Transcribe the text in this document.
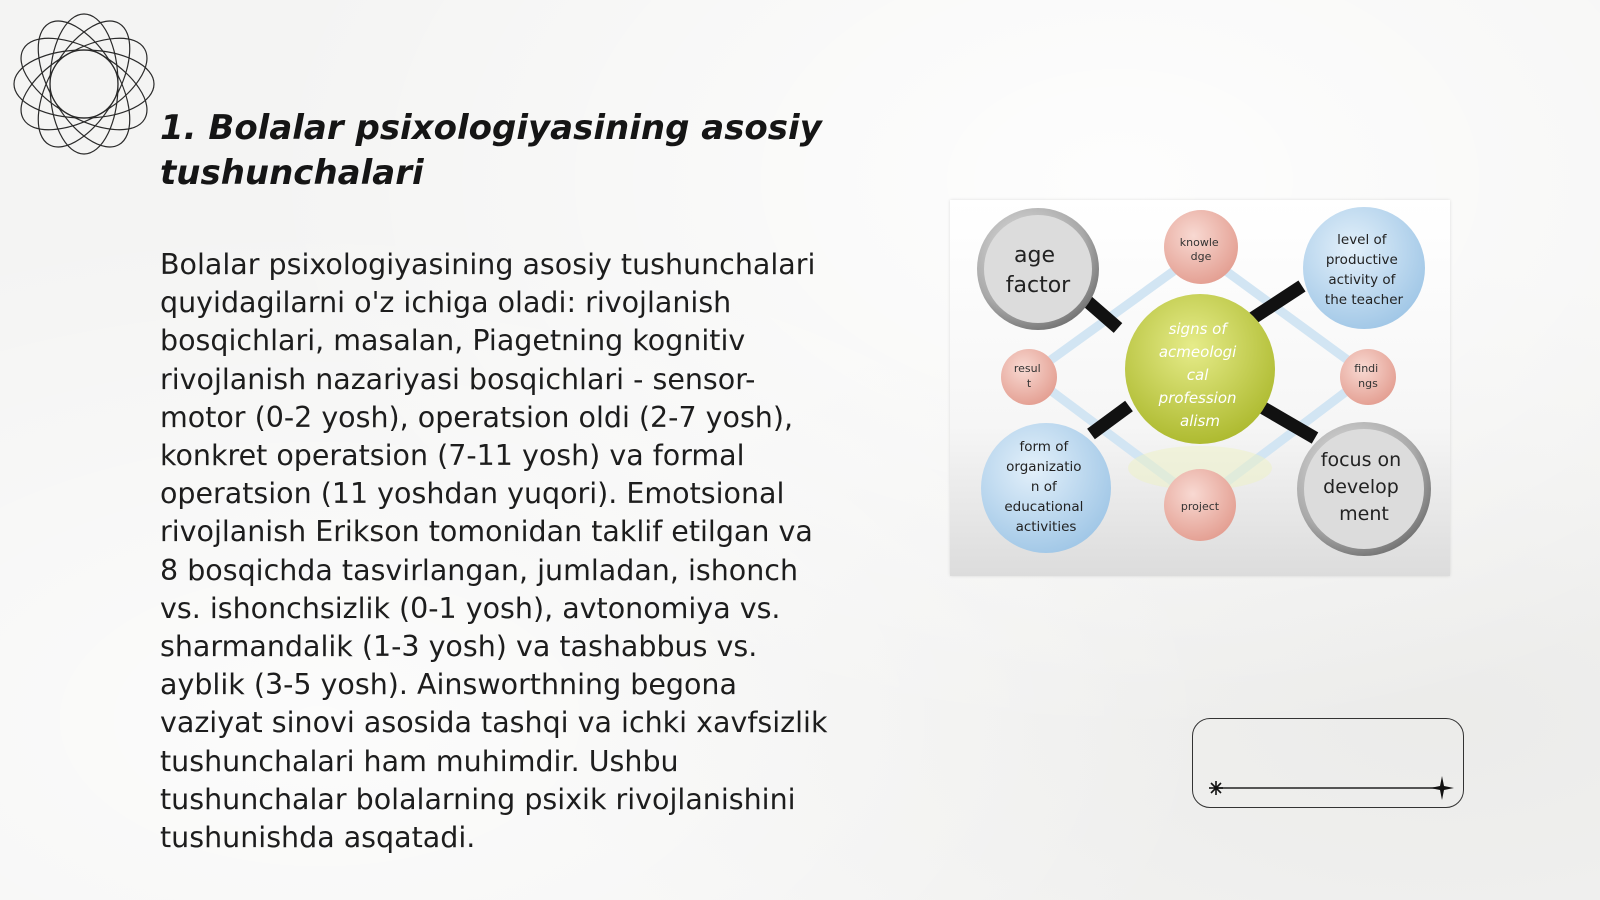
1. Bolalar psixologiyasining asosiy tushunchalari

Bolalar psixologiyasining asosiy tushunchalari quyidagilarni o'z ichiga oladi: rivojlanish bosqichlari, masalan, Piagetning kognitiv rivojlanish nazariyasi bosqichlari - sensor-motor (0-2 yosh), operatsion oldi (2-7 yosh), konkret operatsion (7-11 yosh) va formal operatsion (11 yoshdan yuqori). Emotsional rivojlanish Erikson tomonidan taklif etilgan va 8 bosqichda tasvirlangan, jumladan, ishonch vs. ishonchsizlik (0-1 yosh), avtonomiya vs. sharmandalik (1-3 yosh) va tashabbus vs. ayblik (3-5 yosh). Ainsworthning begona vaziyat sinovi asosida tashqi va ichki xavfsizlik tushunchalari ham muhimdir. Ushbu tushunchalar bolalarning psixik rivojlanishini tushunishda asqatadi.

signs of acmeologi cal profession alism
age factor
knowle dge
level of productive activity of the teacher
resul t
findi ngs
form of organizatio n of educational activities
project
focus on develop ment
